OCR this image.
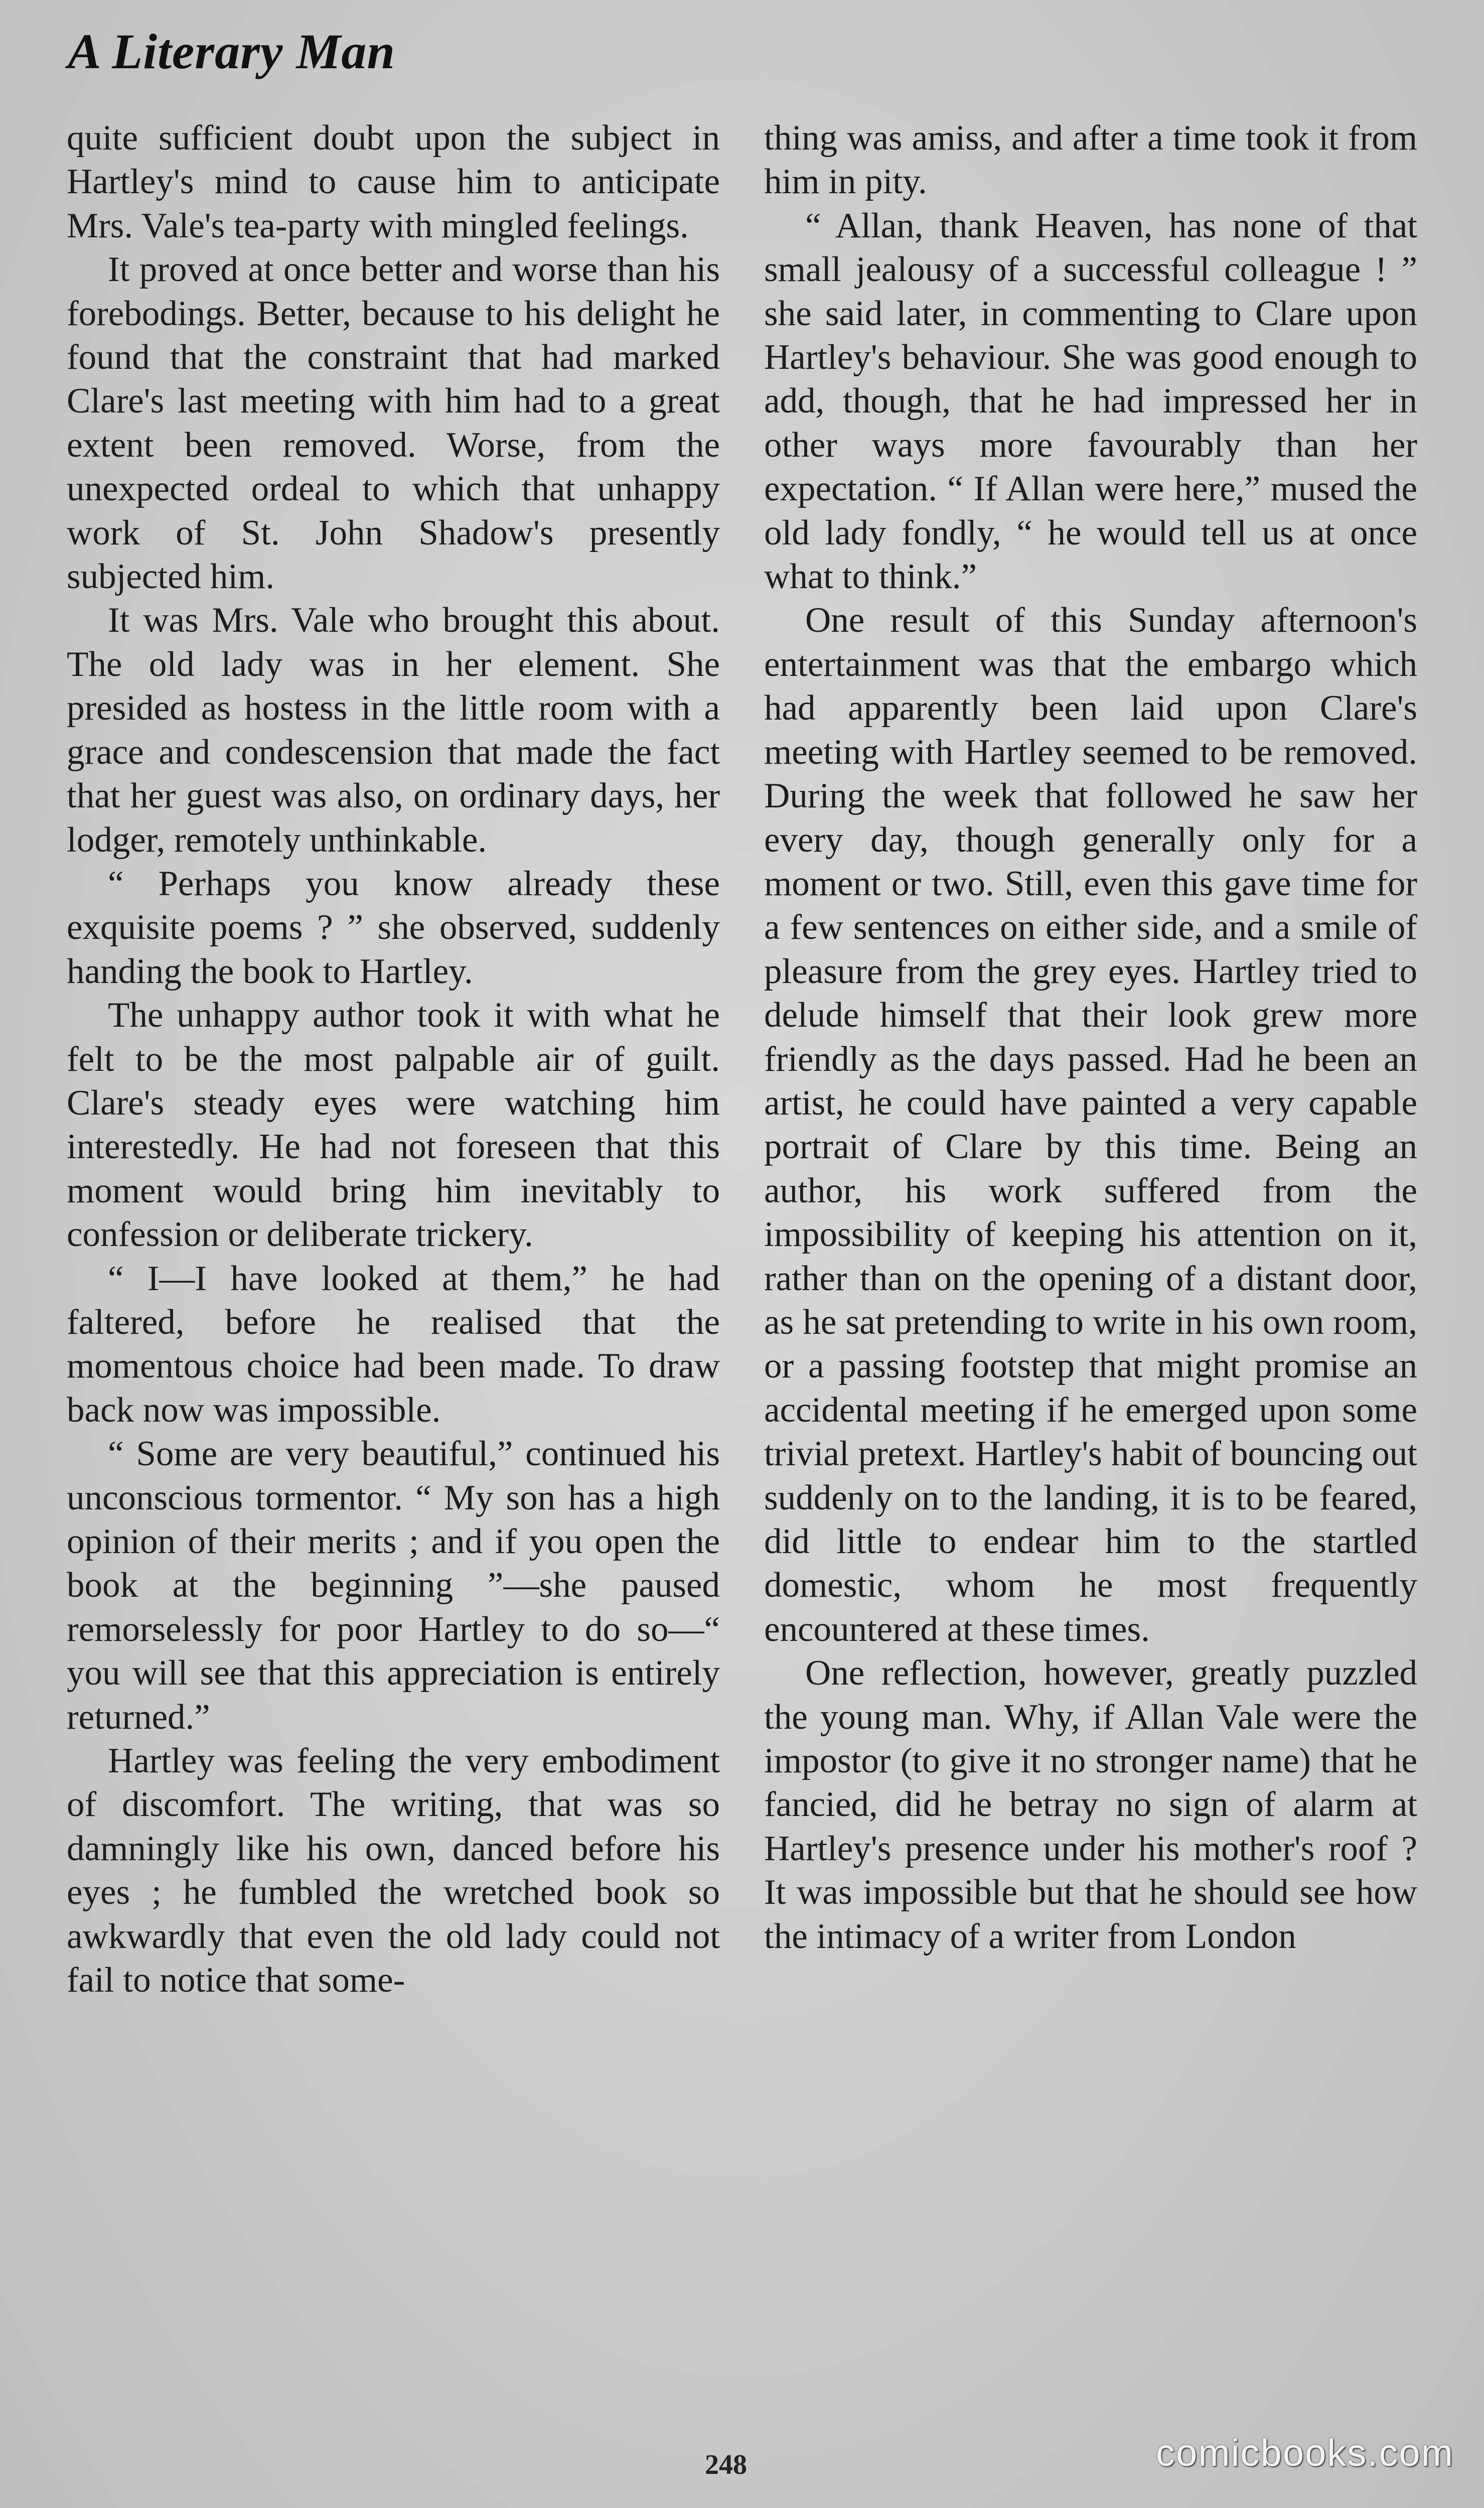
A Literary Man

quite sufficient doubt upon the subject in Hartley's mind to cause him to anticipate Mrs. Vale's tea-party with mingled feelings.

It proved at once better and worse than his forebodings. Better, because to his delight he found that the constraint that had marked Clare's last meeting with him had to a great extent been removed. Worse, from the unexpected ordeal to which that unhappy work of St. John Shadow's presently subjected him.

It was Mrs. Vale who brought this about. The old lady was in her element. She presided as hostess in the little room with a grace and condescension that made the fact that her guest was also, on ordinary days, her lodger, remotely unthinkable.

“ Perhaps you know already these exquisite poems ? ” she observed, suddenly handing the book to Hartley.

The unhappy author took it with what he felt to be the most palpable air of guilt. Clare's steady eyes were watching him interestedly. He had not foreseen that this moment would bring him inevitably to confession or deliberate trickery.

“ I—I have looked at them,” he had faltered, before he realised that the momentous choice had been made. To draw back now was impossible.

“ Some are very beautiful,” continued his unconscious tormentor. “ My son has a high opinion of their merits ; and if you open the book at the beginning ”—she paused remorselessly for poor Hartley to do so—“ you will see that this appreciation is entirely returned.”

Hartley was feeling the very embodiment of discomfort. The writing, that was so damningly like his own, danced before his eyes ; he fumbled the wretched book so awkwardly that even the old lady could not fail to notice that some-

thing was amiss, and after a time took it from him in pity.

“ Allan, thank Heaven, has none of that small jealousy of a successful colleague ! ” she said later, in commenting to Clare upon Hartley's behaviour. She was good enough to add, though, that he had impressed her in other ways more favourably than her expectation. “ If Allan were here,” mused the old lady fondly, “ he would tell us at once what to think.”

One result of this Sunday afternoon's entertainment was that the embargo which had apparently been laid upon Clare's meeting with Hartley seemed to be removed. During the week that followed he saw her every day, though generally only for a moment or two. Still, even this gave time for a few sentences on either side, and a smile of pleasure from the grey eyes. Hartley tried to delude himself that their look grew more friendly as the days passed. Had he been an artist, he could have painted a very capable portrait of Clare by this time. Being an author, his work suffered from the impossibility of keeping his attention on it, rather than on the opening of a distant door, as he sat pretending to write in his own room, or a passing footstep that might promise an accidental meeting if he emerged upon some trivial pretext. Hartley's habit of bouncing out suddenly on to the landing, it is to be feared, did little to endear him to the startled domestic, whom he most frequently encountered at these times.

One reflection, however, greatly puzzled the young man. Why, if Allan Vale were the impostor (to give it no stronger name) that he fancied, did he betray no sign of alarm at Hartley's presence under his mother's roof ? It was impossible but that he should see how the intimacy of a writer from London

248	comicbooks.com
